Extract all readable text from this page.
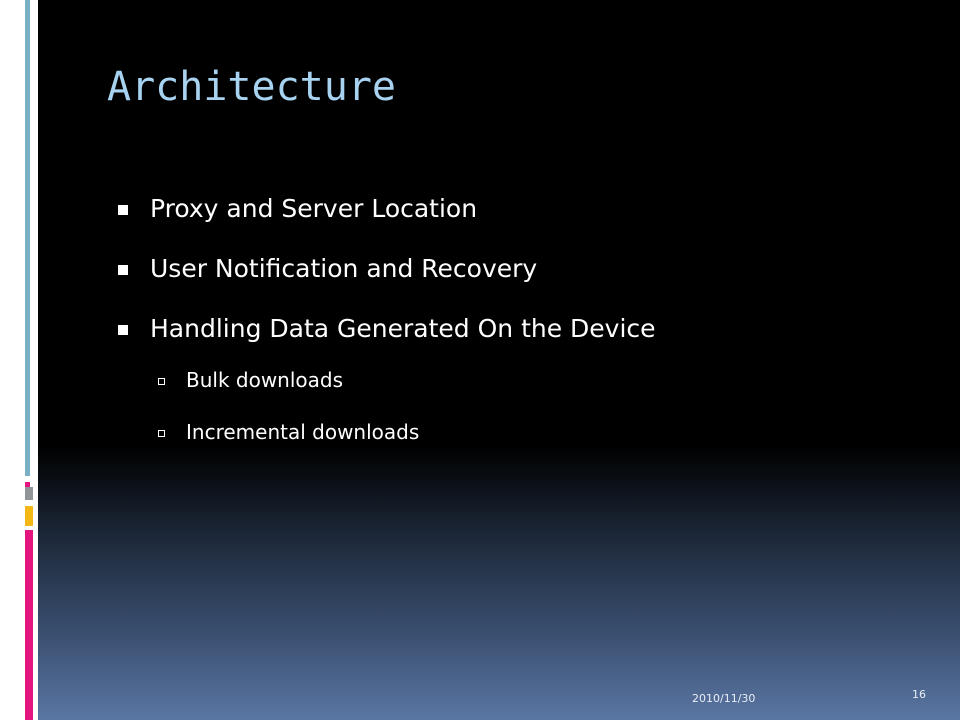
Architecture
Proxy and Server Location
User Notification and Recovery
Handling Data Generated On the Device
Bulk downloads
Incremental downloads
2010/11/30	16
